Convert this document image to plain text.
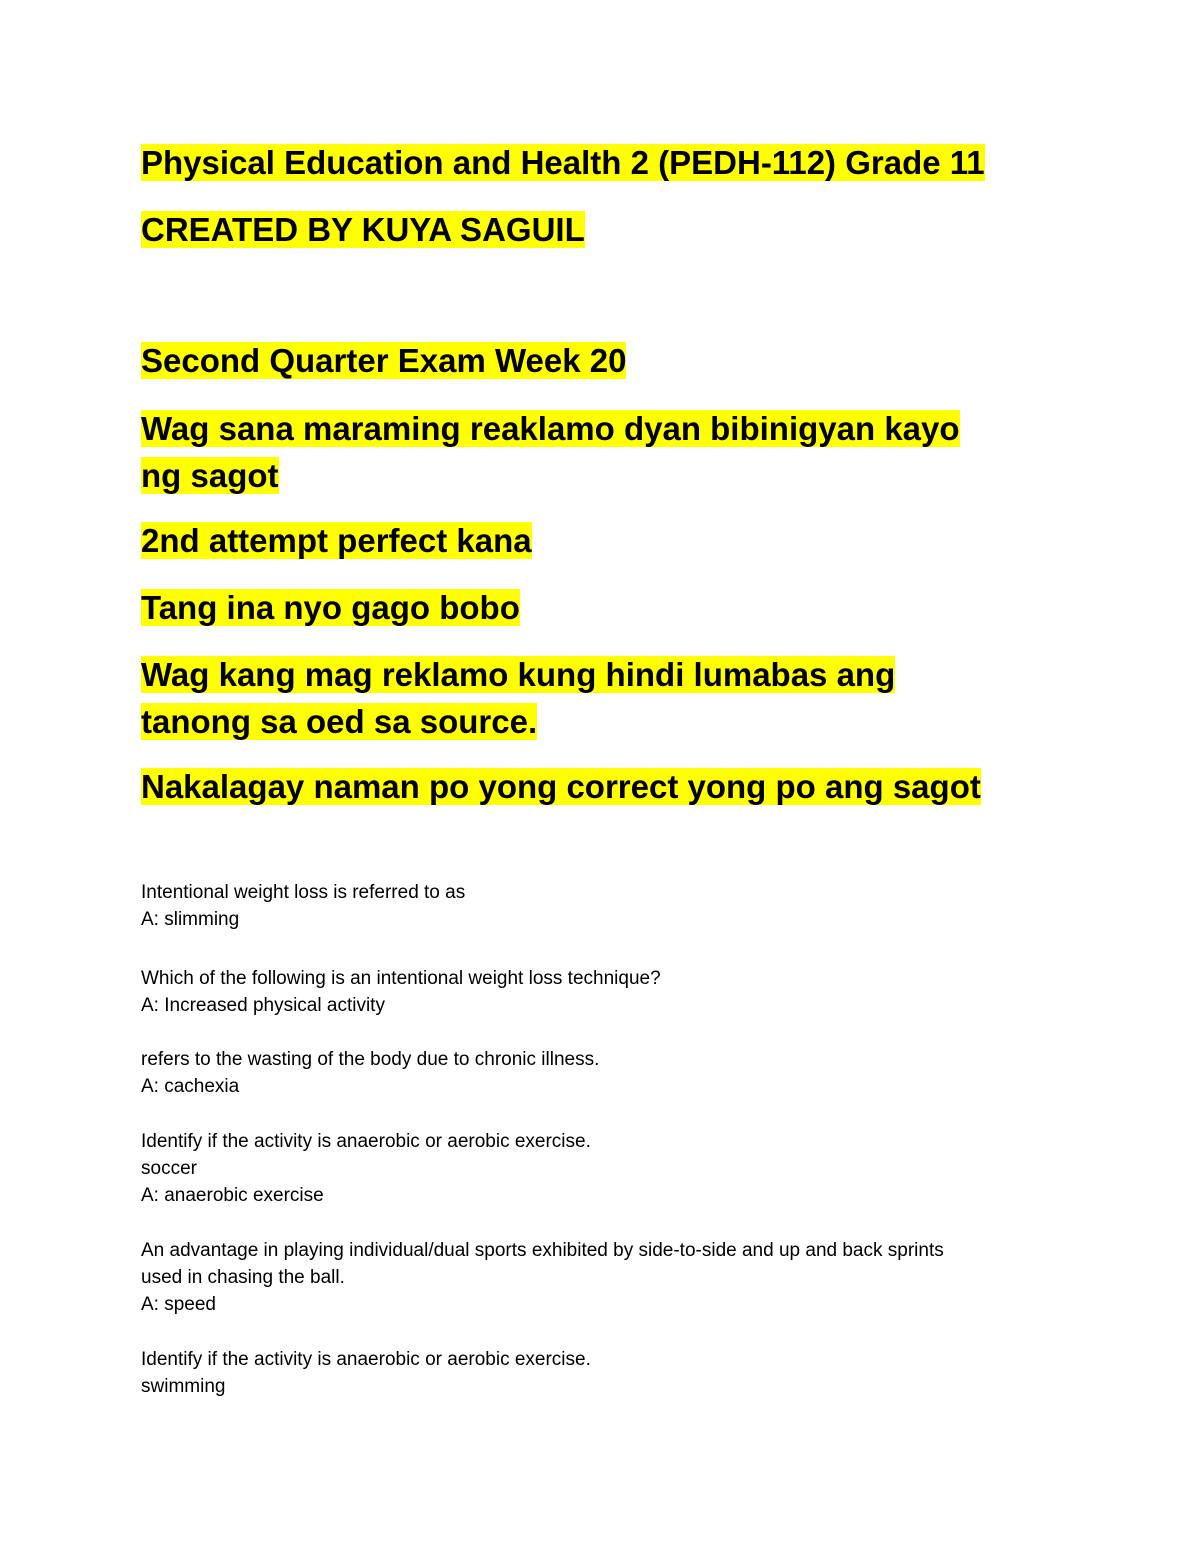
Physical Education and Health 2 (PEDH-112) Grade 11
CREATED BY KUYA SAGUIL
Second Quarter Exam Week 20
Wag sana maraming reaklamo dyan bibinigyan kayo
ng sagot
2nd attempt perfect kana
Tang ina nyo gago bobo
Wag kang mag reklamo kung hindi lumabas ang
tanong sa oed sa source.
Nakalagay naman po yong correct yong po ang sagot
Intentional weight loss is referred to as
A: slimming
Which of the following is an intentional weight loss technique?
A: Increased physical activity
refers to the wasting of the body due to chronic illness.
A: cachexia
Identify if the activity is anaerobic or aerobic exercise.
soccer
A: anaerobic exercise
An advantage in playing individual/dual sports exhibited by side-to-side and up and back sprints
used in chasing the ball.
A: speed
Identify if the activity is anaerobic or aerobic exercise.
swimming
